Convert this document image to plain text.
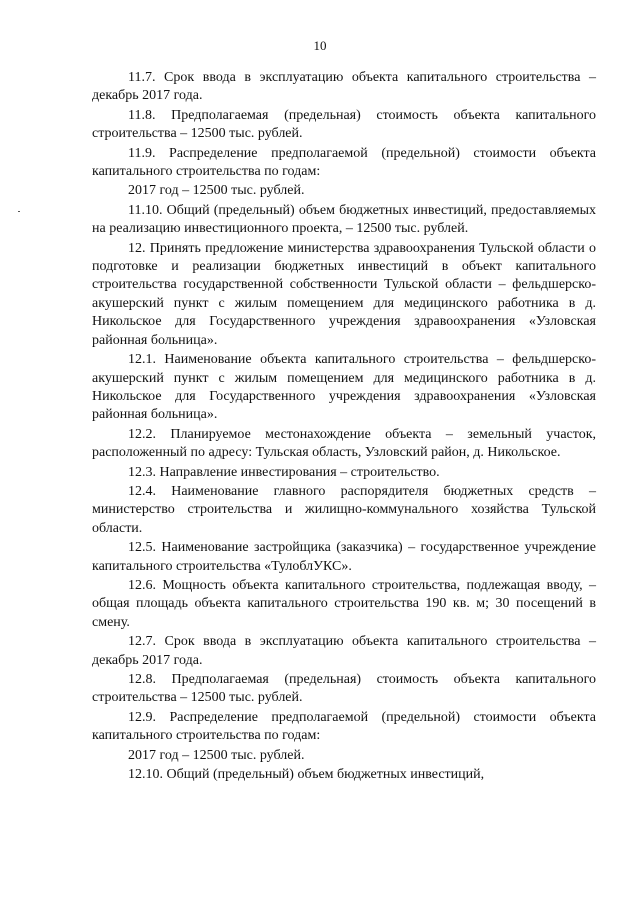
10

11.7. Срок ввода в эксплуатацию объекта капитального строительства – декабрь 2017 года.

11.8. Предполагаемая (предельная) стоимость объекта капитального строительства – 12500 тыс. рублей.

11.9. Распределение предполагаемой (предельной) стоимости объекта капитального строительства по годам:

2017 год – 12500 тыс. рублей.

11.10. Общий (предельный) объем бюджетных инвестиций, предоставляемых на реализацию инвестиционного проекта, – 12500 тыс. рублей.

12. Принять предложение министерства здравоохранения Тульской области о подготовке и реализации бюджетных инвестиций в объект капитального строительства государственной собственности Тульской области – фельдшерско-акушерский пункт с жилым помещением для медицинского работника в д. Никольское для Государственного учреждения здравоохранения «Узловская районная больница».

12.1. Наименование объекта капитального строительства – фельдшерско-акушерский пункт с жилым помещением для медицинского работника в д. Никольское для Государственного учреждения здравоохранения «Узловская районная больница».

12.2. Планируемое местонахождение объекта – земельный участок, расположенный по адресу: Тульская область, Узловский район, д. Никольское.

12.3. Направление инвестирования – строительство.

12.4. Наименование главного распорядителя бюджетных средств – министерство строительства и жилищно-коммунального хозяйства Тульской области.

12.5. Наименование застройщика (заказчика) – государственное учреждение капитального строительства «ТулоблУКС».

12.6. Мощность объекта капитального строительства, подлежащая вводу, – общая площадь объекта капитального строительства 190 кв. м; 30 посещений в смену.

12.7. Срок ввода в эксплуатацию объекта капитального строительства – декабрь 2017 года.

12.8. Предполагаемая (предельная) стоимость объекта капитального строительства – 12500 тыс. рублей.

12.9. Распределение предполагаемой (предельной) стоимости объекта капитального строительства по годам:

2017 год – 12500 тыс. рублей.

12.10. Общий (предельный) объем бюджетных инвестиций,
